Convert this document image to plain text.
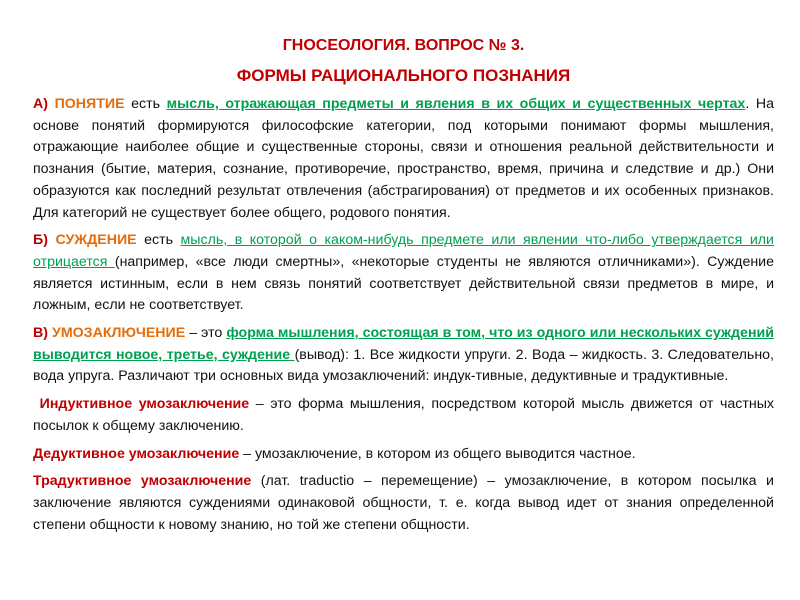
ГНОСЕОЛОГИЯ. ВОПРОС № 3.

ФОРМЫ РАЦИОНАЛЬНОГО ПОЗНАНИЯ

А) ПОНЯТИЕ есть мысль, отражающая предметы и явления в их общих и существенных чертах. На основе понятий формируются философские категории, под которыми понимают формы мышления, отражающие наиболее общие и существенные стороны, связи и отношения реальной действительности и познания (бытие, материя, сознание, противоречие, пространство, время, причина и следствие и др.) Они образуются как последний результат отвлечения (абстрагирования) от предметов и их особенных признаков. Для категорий не существует более общего, родового понятия.

Б) СУЖДЕНИЕ есть мысль, в которой о каком-нибудь предмете или явлении что-либо утверждается или отрицается (например, «все люди смертны», «некоторые студенты не являются отличниками»). Суждение является истинным, если в нем связь понятий соответствует действительной связи предметов в мире, и ложным, если не соответствует.

В) УМОЗАКЛЮЧЕНИЕ – это форма мышления, состоящая в том, что из одного или нескольких суждений выводится новое, третье, суждение (вывод): 1. Все жидкости упруги. 2. Вода – жидкость. 3. Следовательно, вода упруга. Различают три основных вида умозаключений: индук-тивные, дедуктивные и традуктивные.

Индуктивное умозаключение – это форма мышления, посредством которой мысль движется от частных посылок к общему заключению.

Дедуктивное умозаключение – умозаключение, в котором из общего выводится частное.

Традуктивное умозаключение (лат. traductio – перемещение) – умозаключение, в котором посылка и заключение являются суждениями одинаковой общности, т. е. когда вывод идет от знания определенной степени общности к новому знанию, но той же степени общности.
